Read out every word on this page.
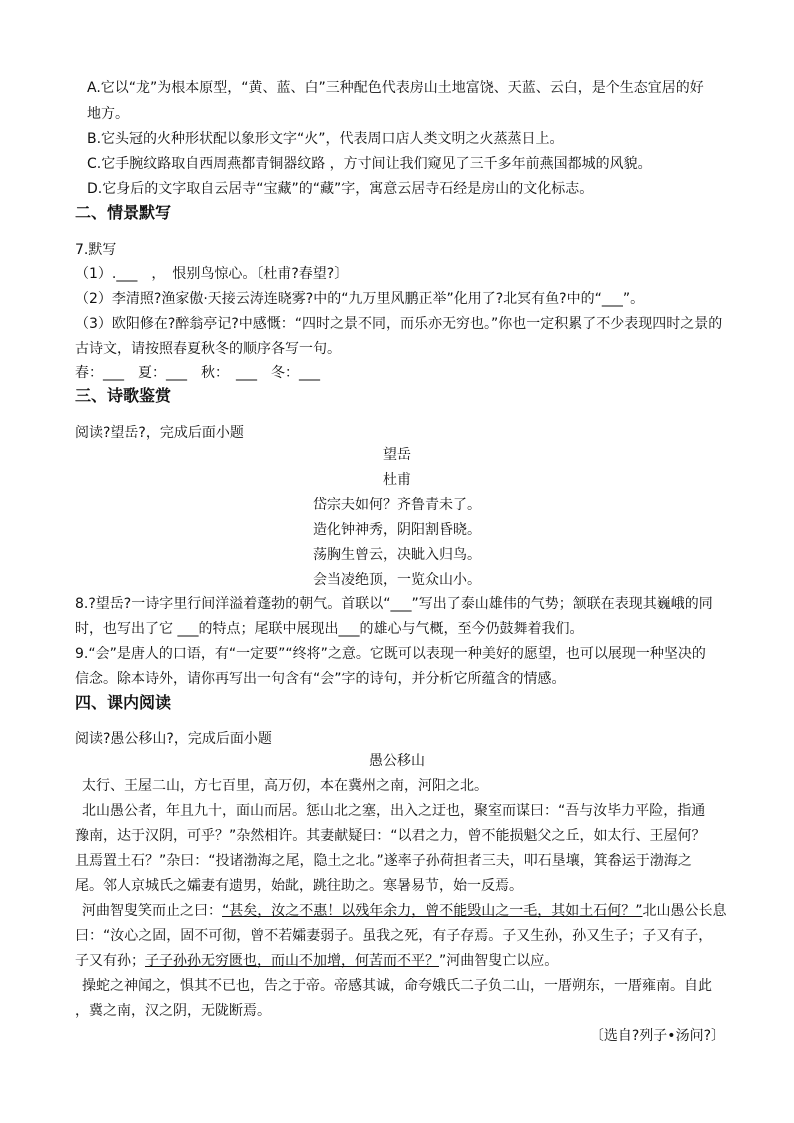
A.它以“龙”为根本原型，“黄、蓝、白”三种配色代表房山土地富饶、天蓝、云白，是个生态宜居的好
地方。
B.它头冠的火种形状配以象形文字“火”，代表周口店人类文明之火蒸蒸日上。
C.它手腕纹路取自西周燕都青铜器纹路 ，方寸间让我们窥见了三千多年前燕国都城的风貌。
D.它身后的文字取自云居寺“宝藏”的“藏”字，寓意云居寺石经是房山的文化标志。
二、情景默写
7.默写
（1）.___　，　恨别鸟惊心。〔杜甫?春望?〕
（2）李清照?渔家傲·天接云涛连晓雾?中的“九万里风鹏正举”化用了?北冥有鱼?中的“___”。
（3）欧阳修在?醉翁亭记?中感慨：“四时之景不同，而乐亦无穷也。”你也一定积累了不少表现四时之景的
古诗文，请按照春夏秋冬的顺序各写一句。
春：___　夏：___　秋：　___　冬：___
三、诗歌鉴赏
阅读?望岳?，完成后面小题
望岳
杜甫
岱宗夫如何？齐鲁青未了。
造化钟神秀，阴阳割昏晓。
荡胸生曾云，决眦入归鸟。
会当凌绝顶，一览众山小。
8.?望岳?一诗字里行间洋溢着蓬勃的朝气。首联以“___”写出了泰山雄伟的气势；颔联在表现其巍峨的同
时，也写出了它 ___的特点；尾联中展现出___的雄心与气概，至今仍鼓舞着我们。
9.“会”是唐人的口语，有“一定要”“终将”之意。它既可以表现一种美好的愿望，也可以展现一种坚决的
信念。除本诗外，请你再写出一句含有“会”字的诗句，并分析它所蕴含的情感。
四、课内阅读
阅读?愚公移山?，完成后面小题
愚公移山
太行、王屋二山，方七百里，高万仞，本在冀州之南，河阳之北。
北山愚公者，年且九十，面山而居。惩山北之塞，出入之迂也，聚室而谋曰：“吾与汝毕力平险，指通
豫南，达于汉阴，可乎？”杂然相许。其妻献疑曰：“以君之力，曾不能损魁父之丘，如太行、王屋何？
且焉置土石？”杂曰：“投诸渤海之尾，隐土之北。”遂率子孙荷担者三夫，叩石垦壤，箕畚运于渤海之
尾。邻人京城氏之孀妻有遗男，始龀，跳往助之。寒暑易节，始一反焉。
河曲智叟笑而止之曰：“甚矣，汝之不惠！以残年余力，曾不能毁山之一毛，其如土石何？”北山愚公长息
曰：“汝心之固，固不可彻，曾不若孀妻弱子。虽我之死，有子存焉。子又生孙，孙又生子；子又有子，
子又有孙；子子孙孙无穷匮也，而山不加增，何苦而不平？”河曲智叟亡以应。
操蛇之神闻之，惧其不已也，告之于帝。帝感其诚，命夸娥氏二子负二山，一厝朔东，一厝雍南。自此
，冀之南，汉之阴，无陇断焉。
〔选自?列子•汤问?〕
